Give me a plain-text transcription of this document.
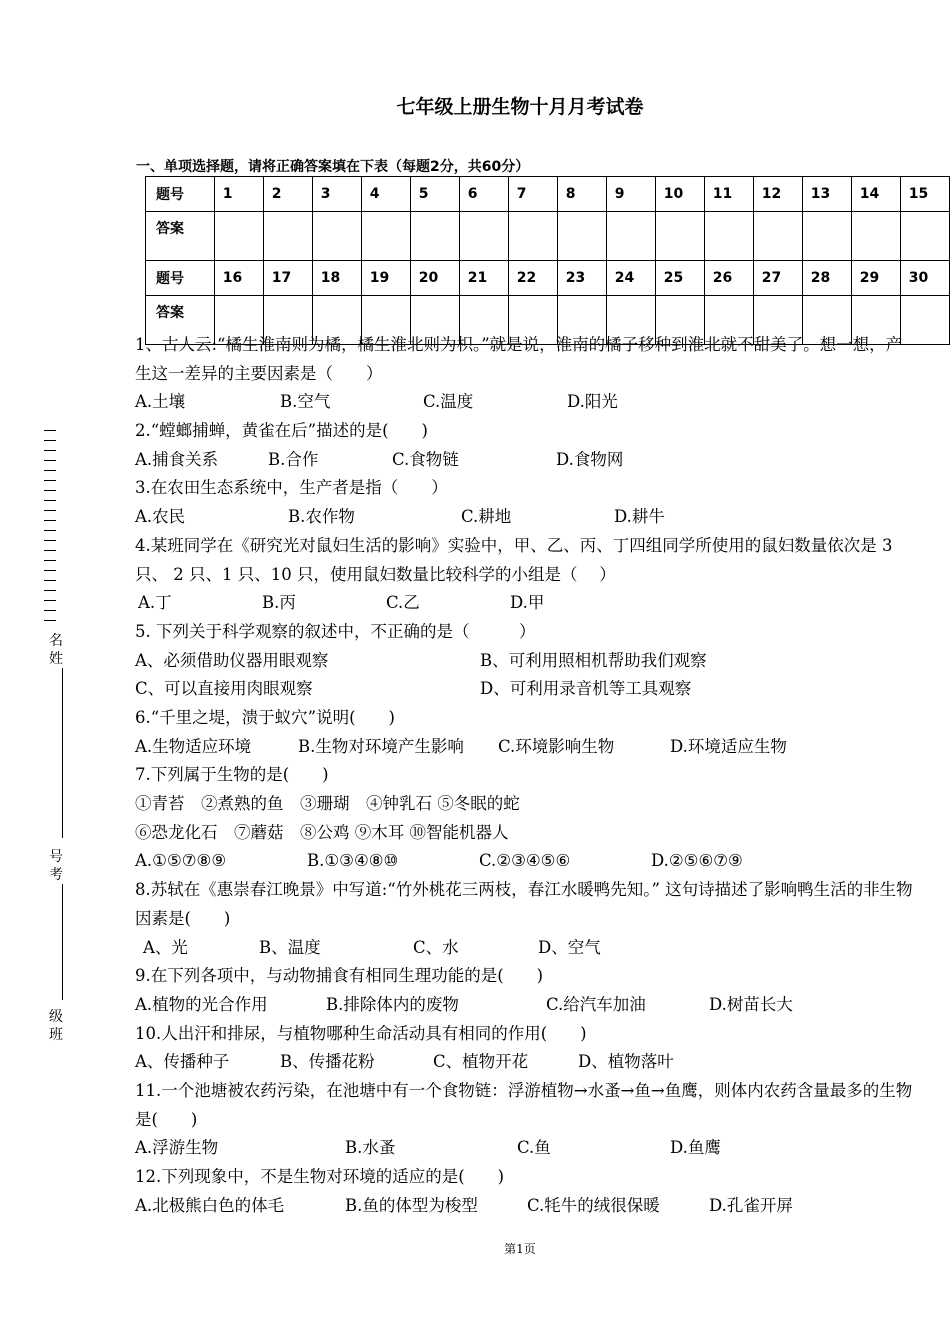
七年级上册生物十月月考试卷
一、单项选择题，请将正确答案填在下表（每题2分，共60分）
题号	1	2	3	4	5	6	7	8	9	10	11	12	13	14	15
答案															
题号	16	17	18	19	20	21	22	23	24	25	26	27	28	29	30
答案															
名姓
号考
级班
1、古人云:“橘生淮南则为橘，橘生淮北则为枳。”就是说，淮南的橘子移种到淮北就不甜美了。想一想，产生这一差异的主要因素是（　　）
A.土壤	B.空气	C.温度	D.阳光
2.“螳螂捕蝉，黄雀在后”描述的是(　　)
A.捕食关系	B.合作	C.食物链	D.食物网
3.在农田生态系统中，生产者是指（　　）
A.农民	B.农作物	C.耕地	D.耕牛
4.某班同学在《研究光对鼠妇生活的影响》实验中，甲、乙、丙、丁四组同学所使用的鼠妇数量依次是 3 只、 2 只、1 只、10 只，使用鼠妇数量比较科学的小组是（　 ）
A.丁	B.丙	C.乙	D.甲
5. 下列关于科学观察的叙述中，不正确的是（　　　）
A、必须借助仪器用眼观察	B、可利用照相机帮助我们观察
C、可以直接用肉眼观察	D、可利用录音机等工具观察
6.“千里之堤，溃于蚁穴”说明(　　)
A.生物适应环境	B.生物对环境产生影响	C.环境影响生物	D.环境适应生物
7.下列属于生物的是(　　)
①青苔　②煮熟的鱼　③珊瑚　④钟乳石 ⑤冬眠的蛇
⑥恐龙化石　⑦蘑菇　⑧公鸡 ⑨木耳 ⑩智能机器人
A.①⑤⑦⑧⑨	B.①③④⑧⑩	C.②③④⑤⑥	D.②⑤⑥⑦⑨
8.苏轼在《惠崇春江晚景》中写道:“竹外桃花三两枝，春江水暖鸭先知。” 这句诗描述了影响鸭生活的非生物因素是(　　)
A、光	B、温度	C、水	D、空气
9.在下列各项中，与动物捕食有相同生理功能的是(　　)
A.植物的光合作用	B.排除体内的废物	C.给汽车加油	D.树苗长大
10.人出汗和排尿，与植物哪种生命活动具有相同的作用(　　)
A、传播种子	B、传播花粉	C、植物开花	D、植物落叶
11.一个池塘被农药污染，在池塘中有一个食物链：浮游植物→水蚤→鱼→鱼鹰，则体内农药含量最多的生物是(　　)
A.浮游生物	B.水蚤	C.鱼	D.鱼鹰
12.下列现象中，不是生物对环境的适应的是(　　)
A.北极熊白色的体毛	B.鱼的体型为梭型	C.牦牛的绒很保暖	D.孔雀开屏
第1页
